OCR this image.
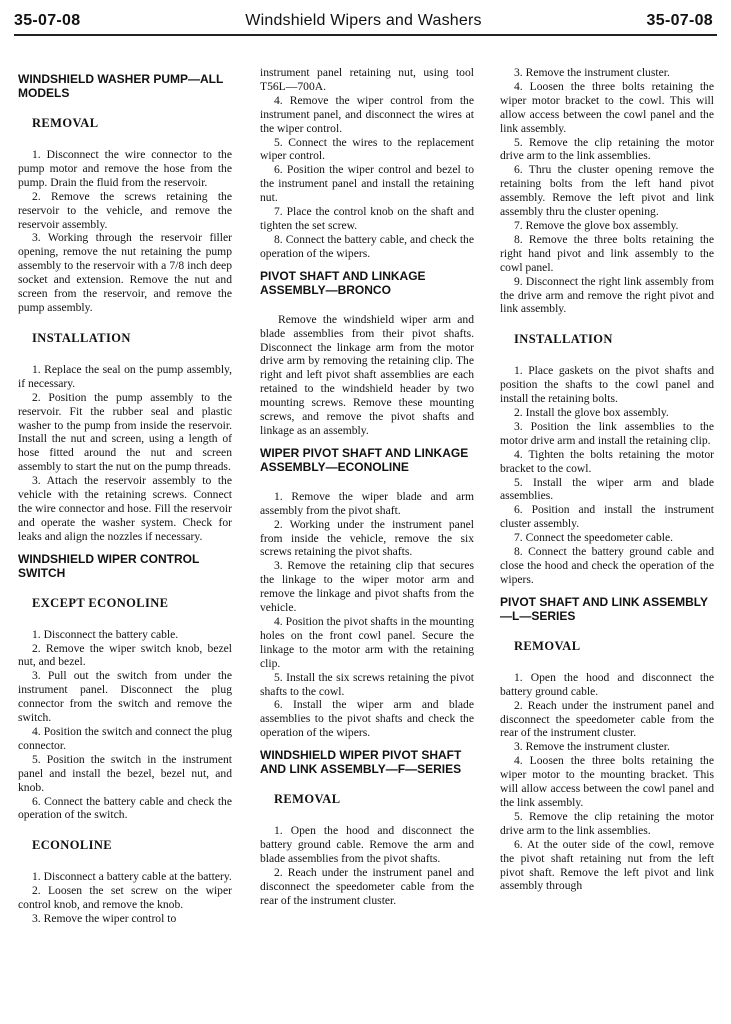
35-07-08	Windshield Wipers and Washers	35-07-08
WINDSHIELD WASHER PUMP—ALL MODELS
REMOVAL

1. Disconnect the wire connector to the pump motor and remove the hose from the pump. Drain the fluid from the reservoir.

2. Remove the screws retaining the reservoir to the vehicle, and remove the reservoir assembly.

3. Working through the reservoir filler opening, remove the nut retaining the pump assembly to the reservoir with a 7/8 inch deep socket and extension. Remove the nut and screen from the reservoir, and remove the pump assembly.

INSTALLATION

1. Replace the seal on the pump assembly, if necessary.

2. Position the pump assembly to the reservoir. Fit the rubber seal and plastic washer to the pump from inside the reservoir. Install the nut and screen, using a length of hose fitted around the nut and screen assembly to start the nut on the pump threads.

3. Attach the reservoir assembly to the vehicle with the retaining screws. Connect the wire connector and hose. Fill the reservoir and operate the washer system. Check for leaks and align the nozzles if necessary.

WINDSHIELD WIPER CONTROL SWITCH
EXCEPT ECONOLINE

1. Disconnect the battery cable.

2. Remove the wiper switch knob, bezel nut, and bezel.

3. Pull out the switch from under the instrument panel. Disconnect the plug connector from the switch and remove the switch.

4. Position the switch and connect the plug connector.

5. Position the switch in the instrument panel and install the bezel, bezel nut, and knob.

6. Connect the battery cable and check the operation of the switch.

ECONOLINE

1. Disconnect a battery cable at the battery.

2. Loosen the set screw on the wiper control knob, and remove the knob.

3. Remove the wiper control to

instrument panel retaining nut, using tool T56L—700A.

4. Remove the wiper control from the instrument panel, and disconnect the wires at the wiper control.

5. Connect the wires to the replacement wiper control.

6. Position the wiper control and bezel to the instrument panel and install the retaining nut.

7. Place the control knob on the shaft and tighten the set screw.

8. Connect the battery cable, and check the operation of the wipers.

PIVOT SHAFT AND LINKAGE ASSEMBLY—BRONCO

Remove the windshield wiper arm and blade assemblies from their pivot shafts. Disconnect the linkage arm from the motor drive arm by removing the retaining clip. The right and left pivot shaft assemblies are each retained to the windshield header by two mounting screws. Remove these mounting screws, and remove the pivot shafts and linkage as an assembly.

WIPER PIVOT SHAFT AND LINKAGE ASSEMBLY—ECONOLINE

1. Remove the wiper blade and arm assembly from the pivot shaft.

2. Working under the instrument panel from inside the vehicle, remove the six screws retaining the pivot shafts.

3. Remove the retaining clip that secures the linkage to the wiper motor arm and remove the linkage and pivot shafts from the vehicle.

4. Position the pivot shafts in the mounting holes on the front cowl panel. Secure the linkage to the motor arm with the retaining clip.

5. Install the six screws retaining the pivot shafts to the cowl.

6. Install the wiper arm and blade assemblies to the pivot shafts and check the operation of the wipers.

WINDSHIELD WIPER PIVOT SHAFT AND LINK ASSEMBLY—F—SERIES
REMOVAL

1. Open the hood and disconnect the battery ground cable. Remove the arm and blade assemblies from the pivot shafts.

2. Reach under the instrument panel and disconnect the speedometer cable from the rear of the instrument cluster.

3. Remove the instrument cluster.

4. Loosen the three bolts retaining the wiper motor bracket to the cowl. This will allow access between the cowl panel and the link assembly.

5. Remove the clip retaining the motor drive arm to the link assemblies.

6. Thru the cluster opening remove the retaining bolts from the left hand pivot assembly. Remove the left pivot and link assembly thru the cluster opening.

7. Remove the glove box assembly.

8. Remove the three bolts retaining the right hand pivot and link assembly to the cowl panel.

9. Disconnect the right link assembly from the drive arm and remove the right pivot and link assembly.

INSTALLATION

1. Place gaskets on the pivot shafts and position the shafts to the cowl panel and install the retaining bolts.

2. Install the glove box assembly.

3. Position the link assemblies to the motor drive arm and install the retaining clip.

4. Tighten the bolts retaining the motor bracket to the cowl.

5. Install the wiper arm and blade assemblies.

6. Position and install the instrument cluster assembly.

7. Connect the speedometer cable.

8. Connect the battery ground cable and close the hood and check the operation of the wipers.

PIVOT SHAFT AND LINK ASSEMBLY—L—SERIES
REMOVAL

1. Open the hood and disconnect the battery ground cable.

2. Reach under the instrument panel and disconnect the speedometer cable from the rear of the instrument cluster.

3. Remove the instrument cluster.

4. Loosen the three bolts retaining the wiper motor to the mounting bracket. This will allow access between the cowl panel and the link assembly.

5. Remove the clip retaining the motor drive arm to the link assemblies.

6. At the outer side of the cowl, remove the pivot shaft retaining nut from the left pivot shaft. Remove the left pivot and link assembly through
